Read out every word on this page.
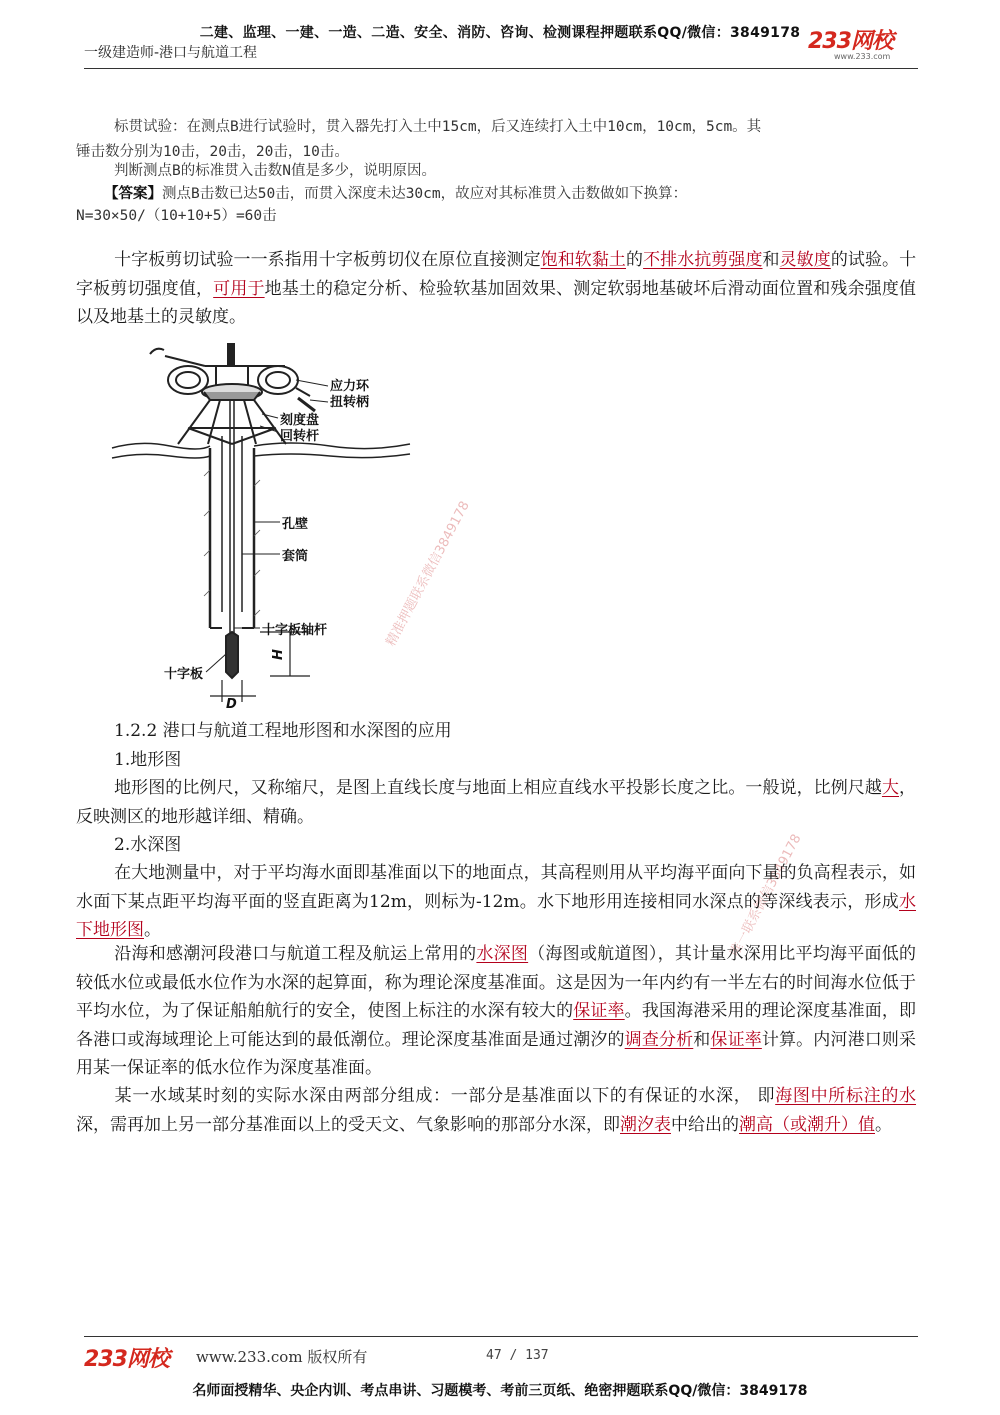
二建、监理、一建、一造、二造、安全、消防、咨询、检测课程押题联系QQ/微信：3849178
一级建造师-港口与航道工程	233网校
www.233.com
标贯试验：在测点B进行试验时，贯入器先打入土中15cm，后又连续打入土中10cm，10cm，5cm。其
锤击数分别为10击，20击，20击，10击。
判断测点B的标准贯入击数N值是多少，说明原因。
【答案】测点B击数已达50击，而贯入深度未达30cm，故应对其标准贯入击数做如下换算：
N=30×50/（10+10+5）=60击
十字板剪切试验一一系指用十字板剪切仪在原位直接测定饱和软黏土的不排水抗剪强度和灵敏度的试验。十字板剪切强度值，可用于地基土的稳定分析、检验软基加固效果、测定软弱地基破坏后滑动面位置和残余强度值以及地基土的灵敏度。
应力环
扭转柄
刻度盘
回转杆
孔壁
套筒
十字板轴杆
十字板
H
D
精准押题联系微信3849178
唯一联系微信3849178
1.2.2 港口与航道工程地形图和水深图的应用
1.地形图
地形图的比例尺，又称缩尺，是图上直线长度与地面上相应直线水平投影长度之比。一般说，比例尺越大，反映测区的地形越详细、精确。
2.水深图
在大地测量中，对于平均海水面即基准面以下的地面点，其高程则用从平均海平面向下量的负高程表示，如水面下某点距平均海平面的竖直距离为12m，则标为-12m。水下地形用连接相同水深点的等深线表示，形成水下地形图。
沿海和感潮河段港口与航道工程及航运上常用的水深图（海图或航道图），其计量水深用比平均海平面低的较低水位或最低水位作为水深的起算面，称为理论深度基准面。这是因为一年内约有一半左右的时间海水位低于平均水位，为了保证船舶航行的安全，使图上标注的水深有较大的保证率。我国海港采用的理论深度基准面，即各港口或海域理论上可能达到的最低潮位。理论深度基准面是通过潮汐的调查分析和保证率计算。内河港口则采用某一保证率的低水位作为深度基准面。
某一水域某时刻的实际水深由两部分组成：一部分是基准面以下的有保证的水深， 即海图中所标注的水深，需再加上另一部分基准面以上的受天文、气象影响的那部分水深，即潮汐表中给出的潮高（或潮升）值。
233网校 www.233.com 版权所有	47 / 137
名师面授精华、央企内训、考点串讲、习题模考、考前三页纸、绝密押题联系QQ/微信：3849178
